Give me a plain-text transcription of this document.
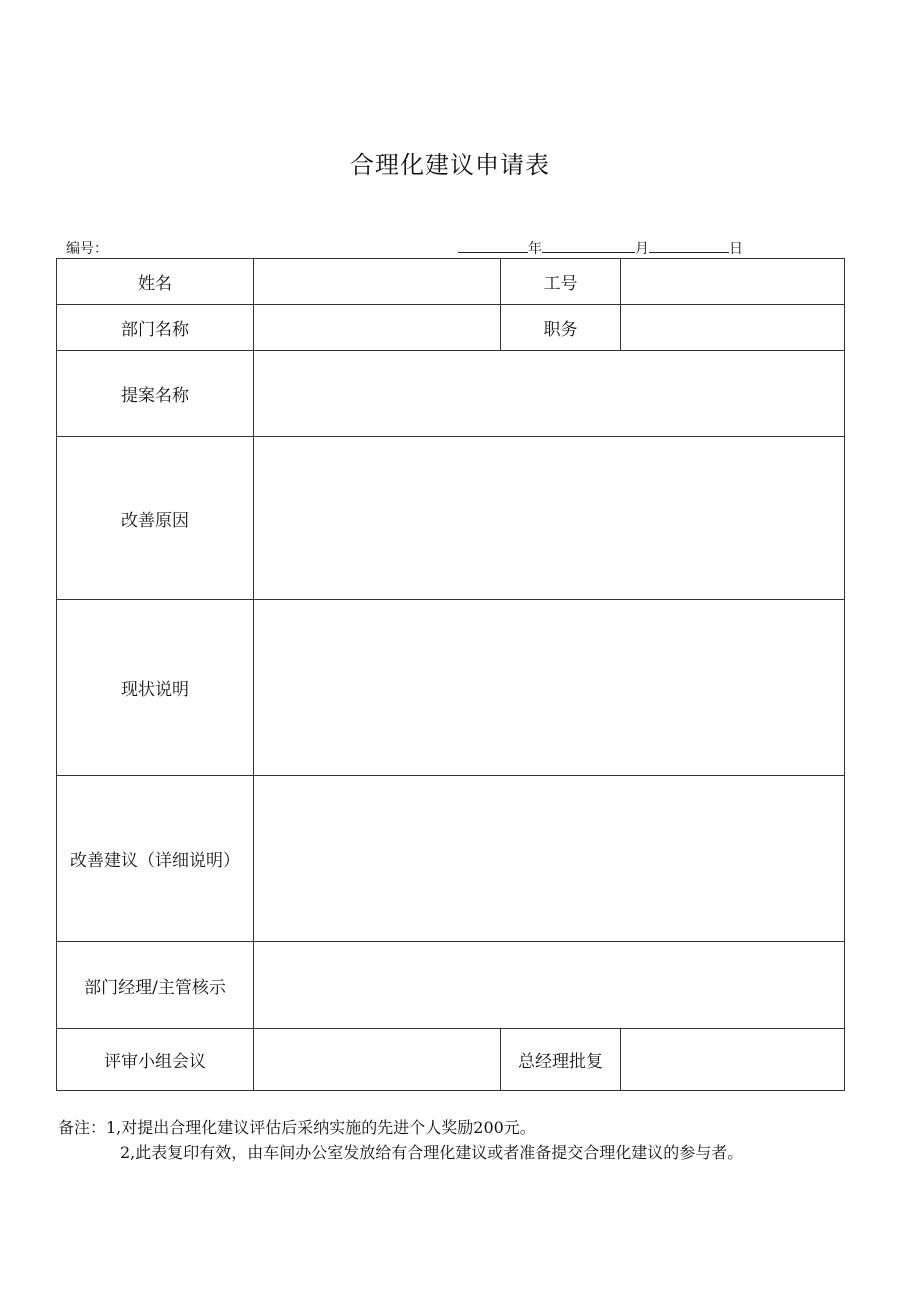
合理化建议申请表
编号：	年	月	日
姓名		工号	
部门名称		职务	
提案名称			
改善原因			
现状说明			
改善建议（详细说明）			
部门经理/主管核示			
评审小组会议		总经理批复	
备注：1,对提出合理化建议评估后采纳实施的先进个人奖励200元。
2,此表复印有效，由车间办公室发放给有合理化建议或者准备提交合理化建议的参与者。
